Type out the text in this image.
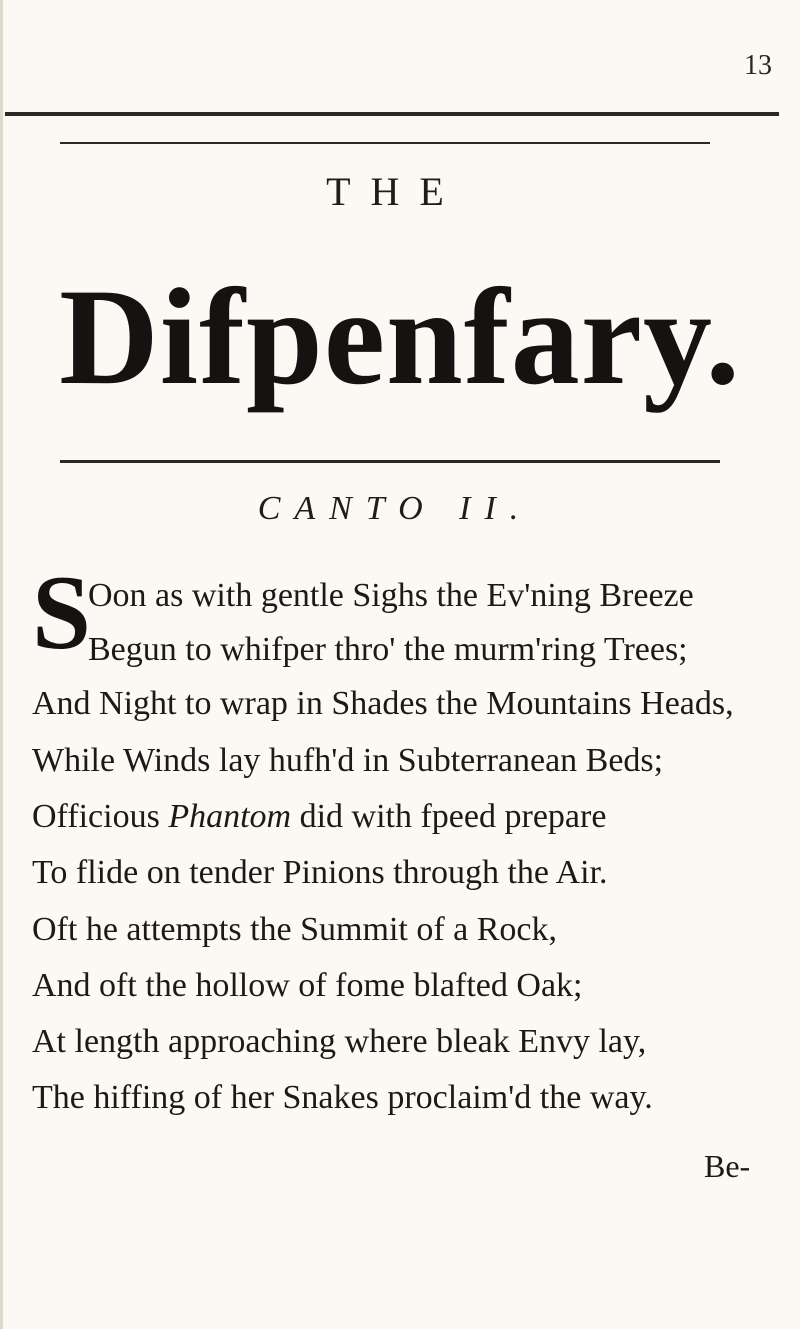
13
THE
Difpenfary.
CANTO II.
S
Oon as with gentle Sighs the Ev'ning Breeze
Begun to whifper thro' the murm'ring Trees;
And Night to wrap in Shades the Mountains Heads,
While Winds lay hufh'd in Subterranean Beds;
Officious Phantom did with fpeed prepare
To flide on tender Pinions through the Air.
Oft he attempts the Summit of a Rock,
And oft the hollow of fome blafted Oak;
At length approaching where bleak Envy lay,
The hiffing of her Snakes proclaim'd the way.
Be-
